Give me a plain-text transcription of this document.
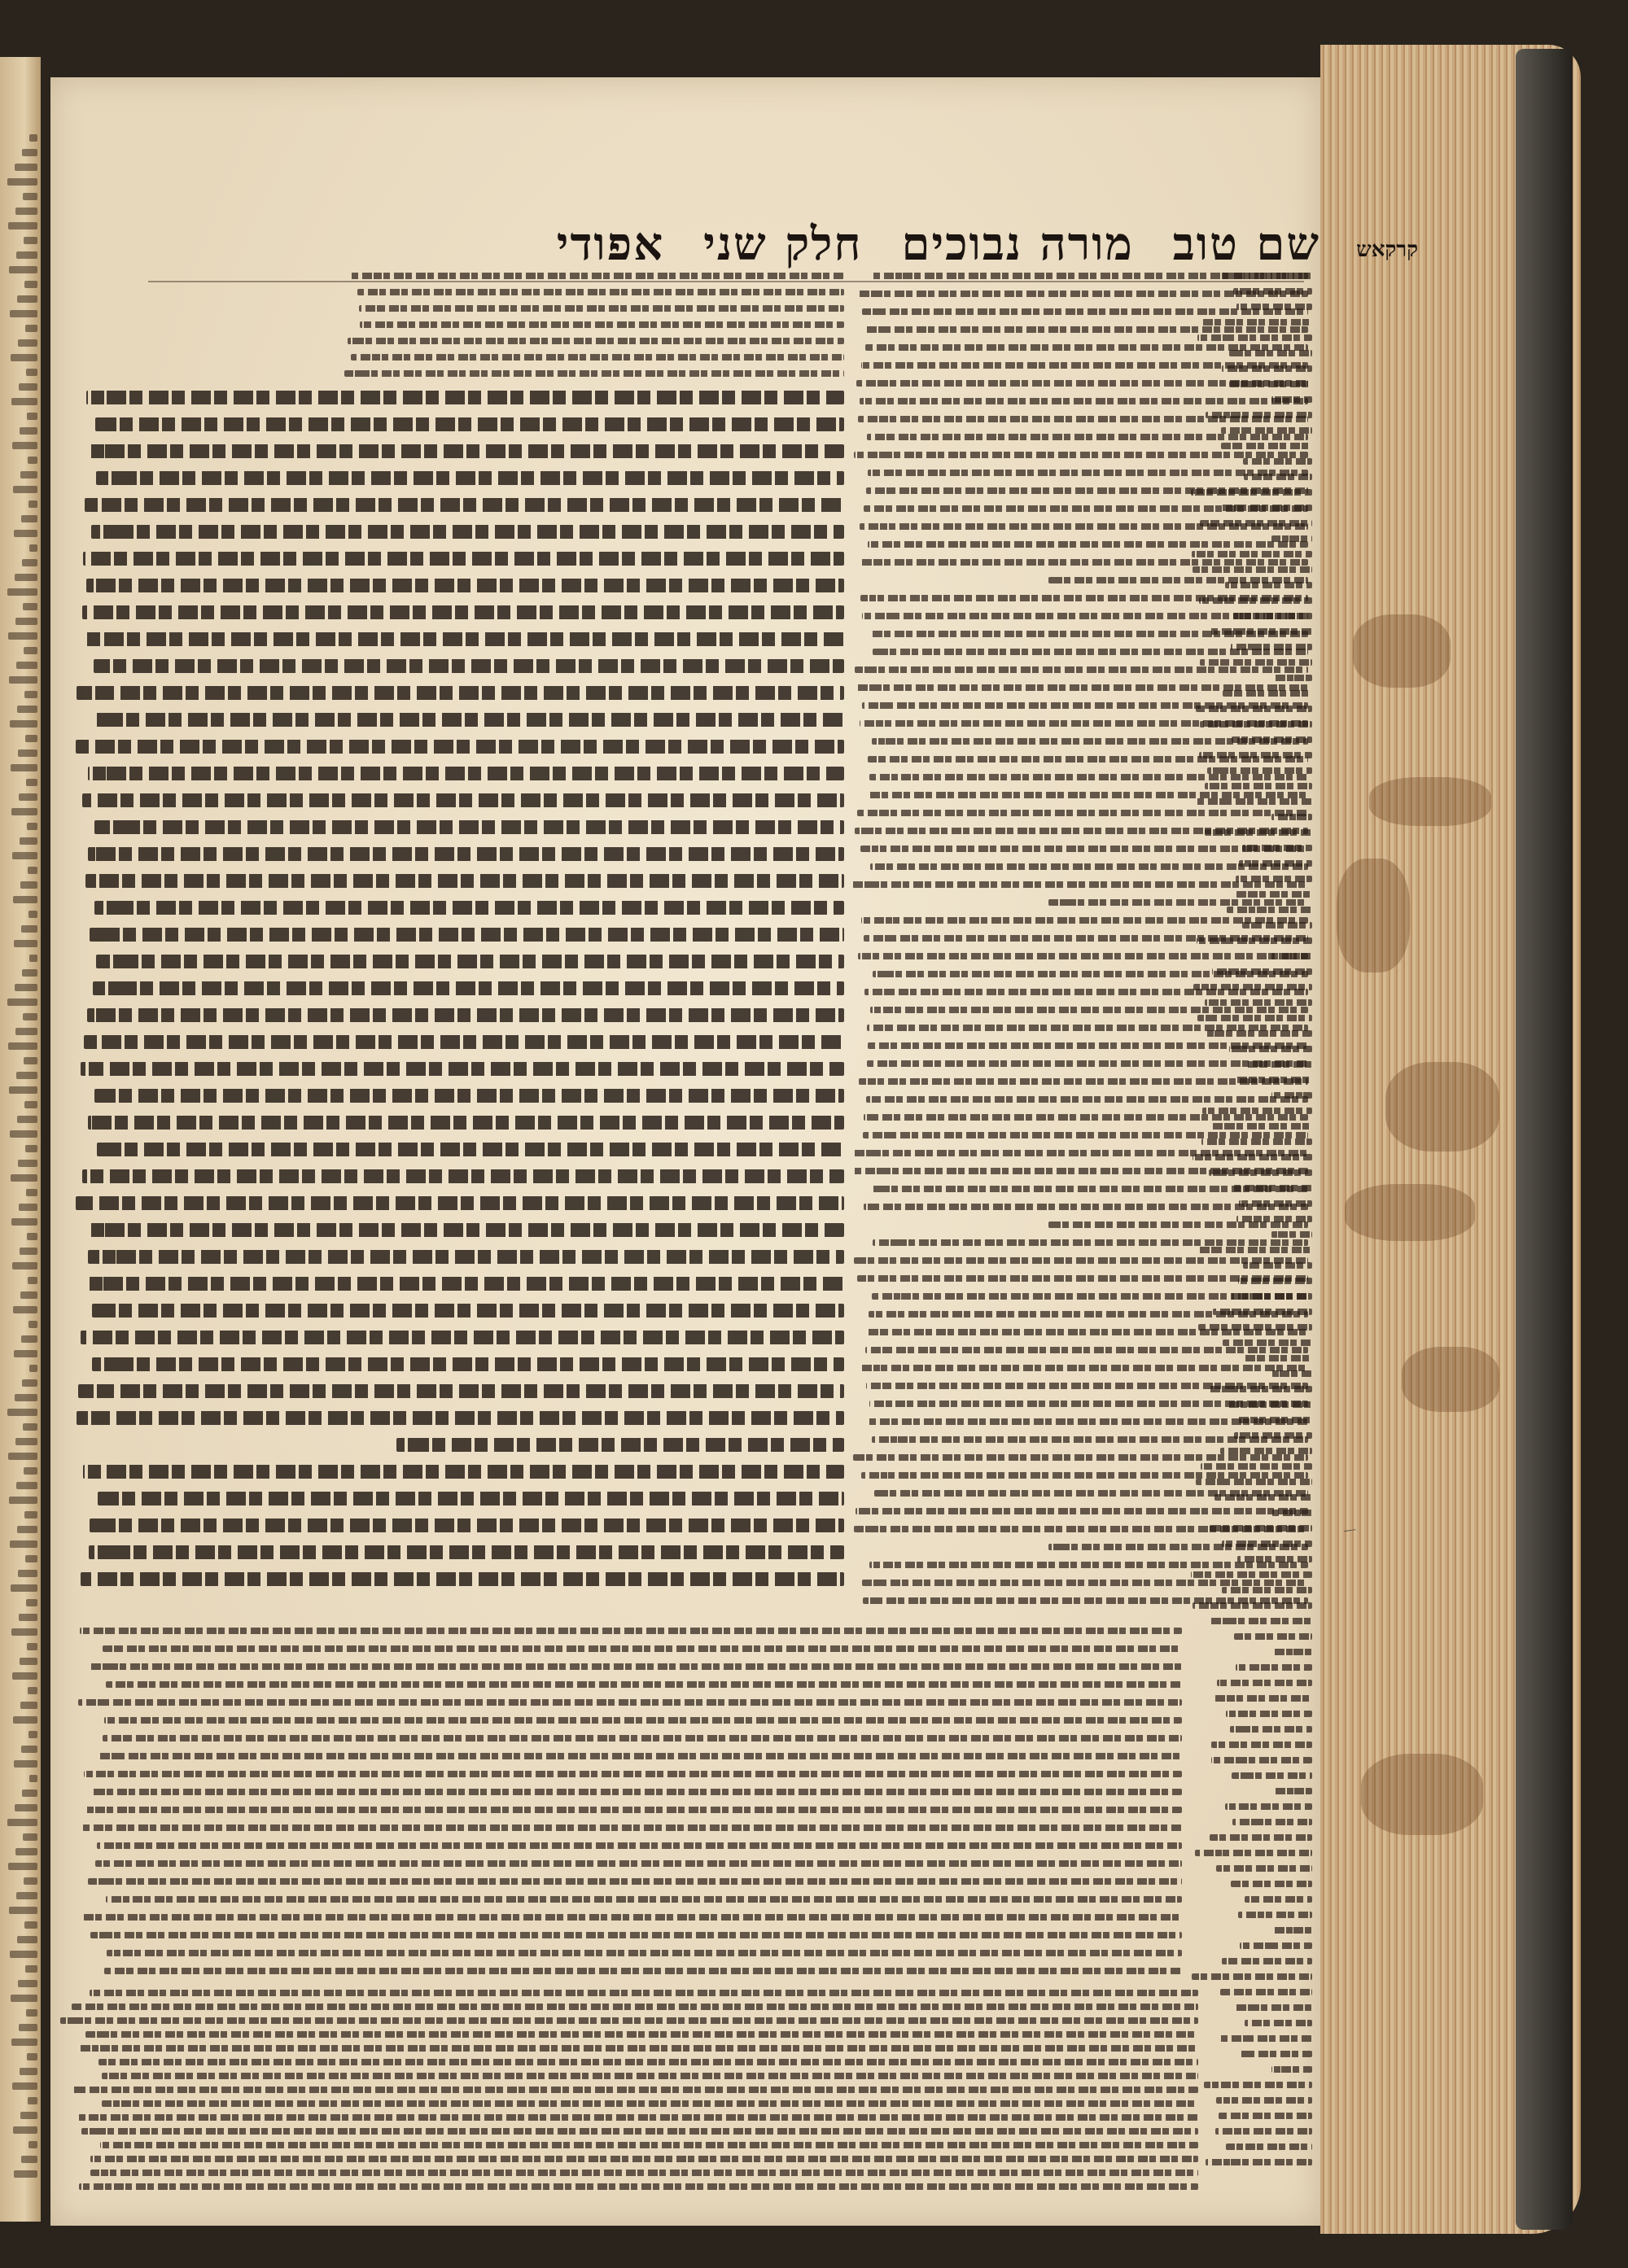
שם טוב
מורה נבוכים
חלק שני
אפודי	קרקאש
—
